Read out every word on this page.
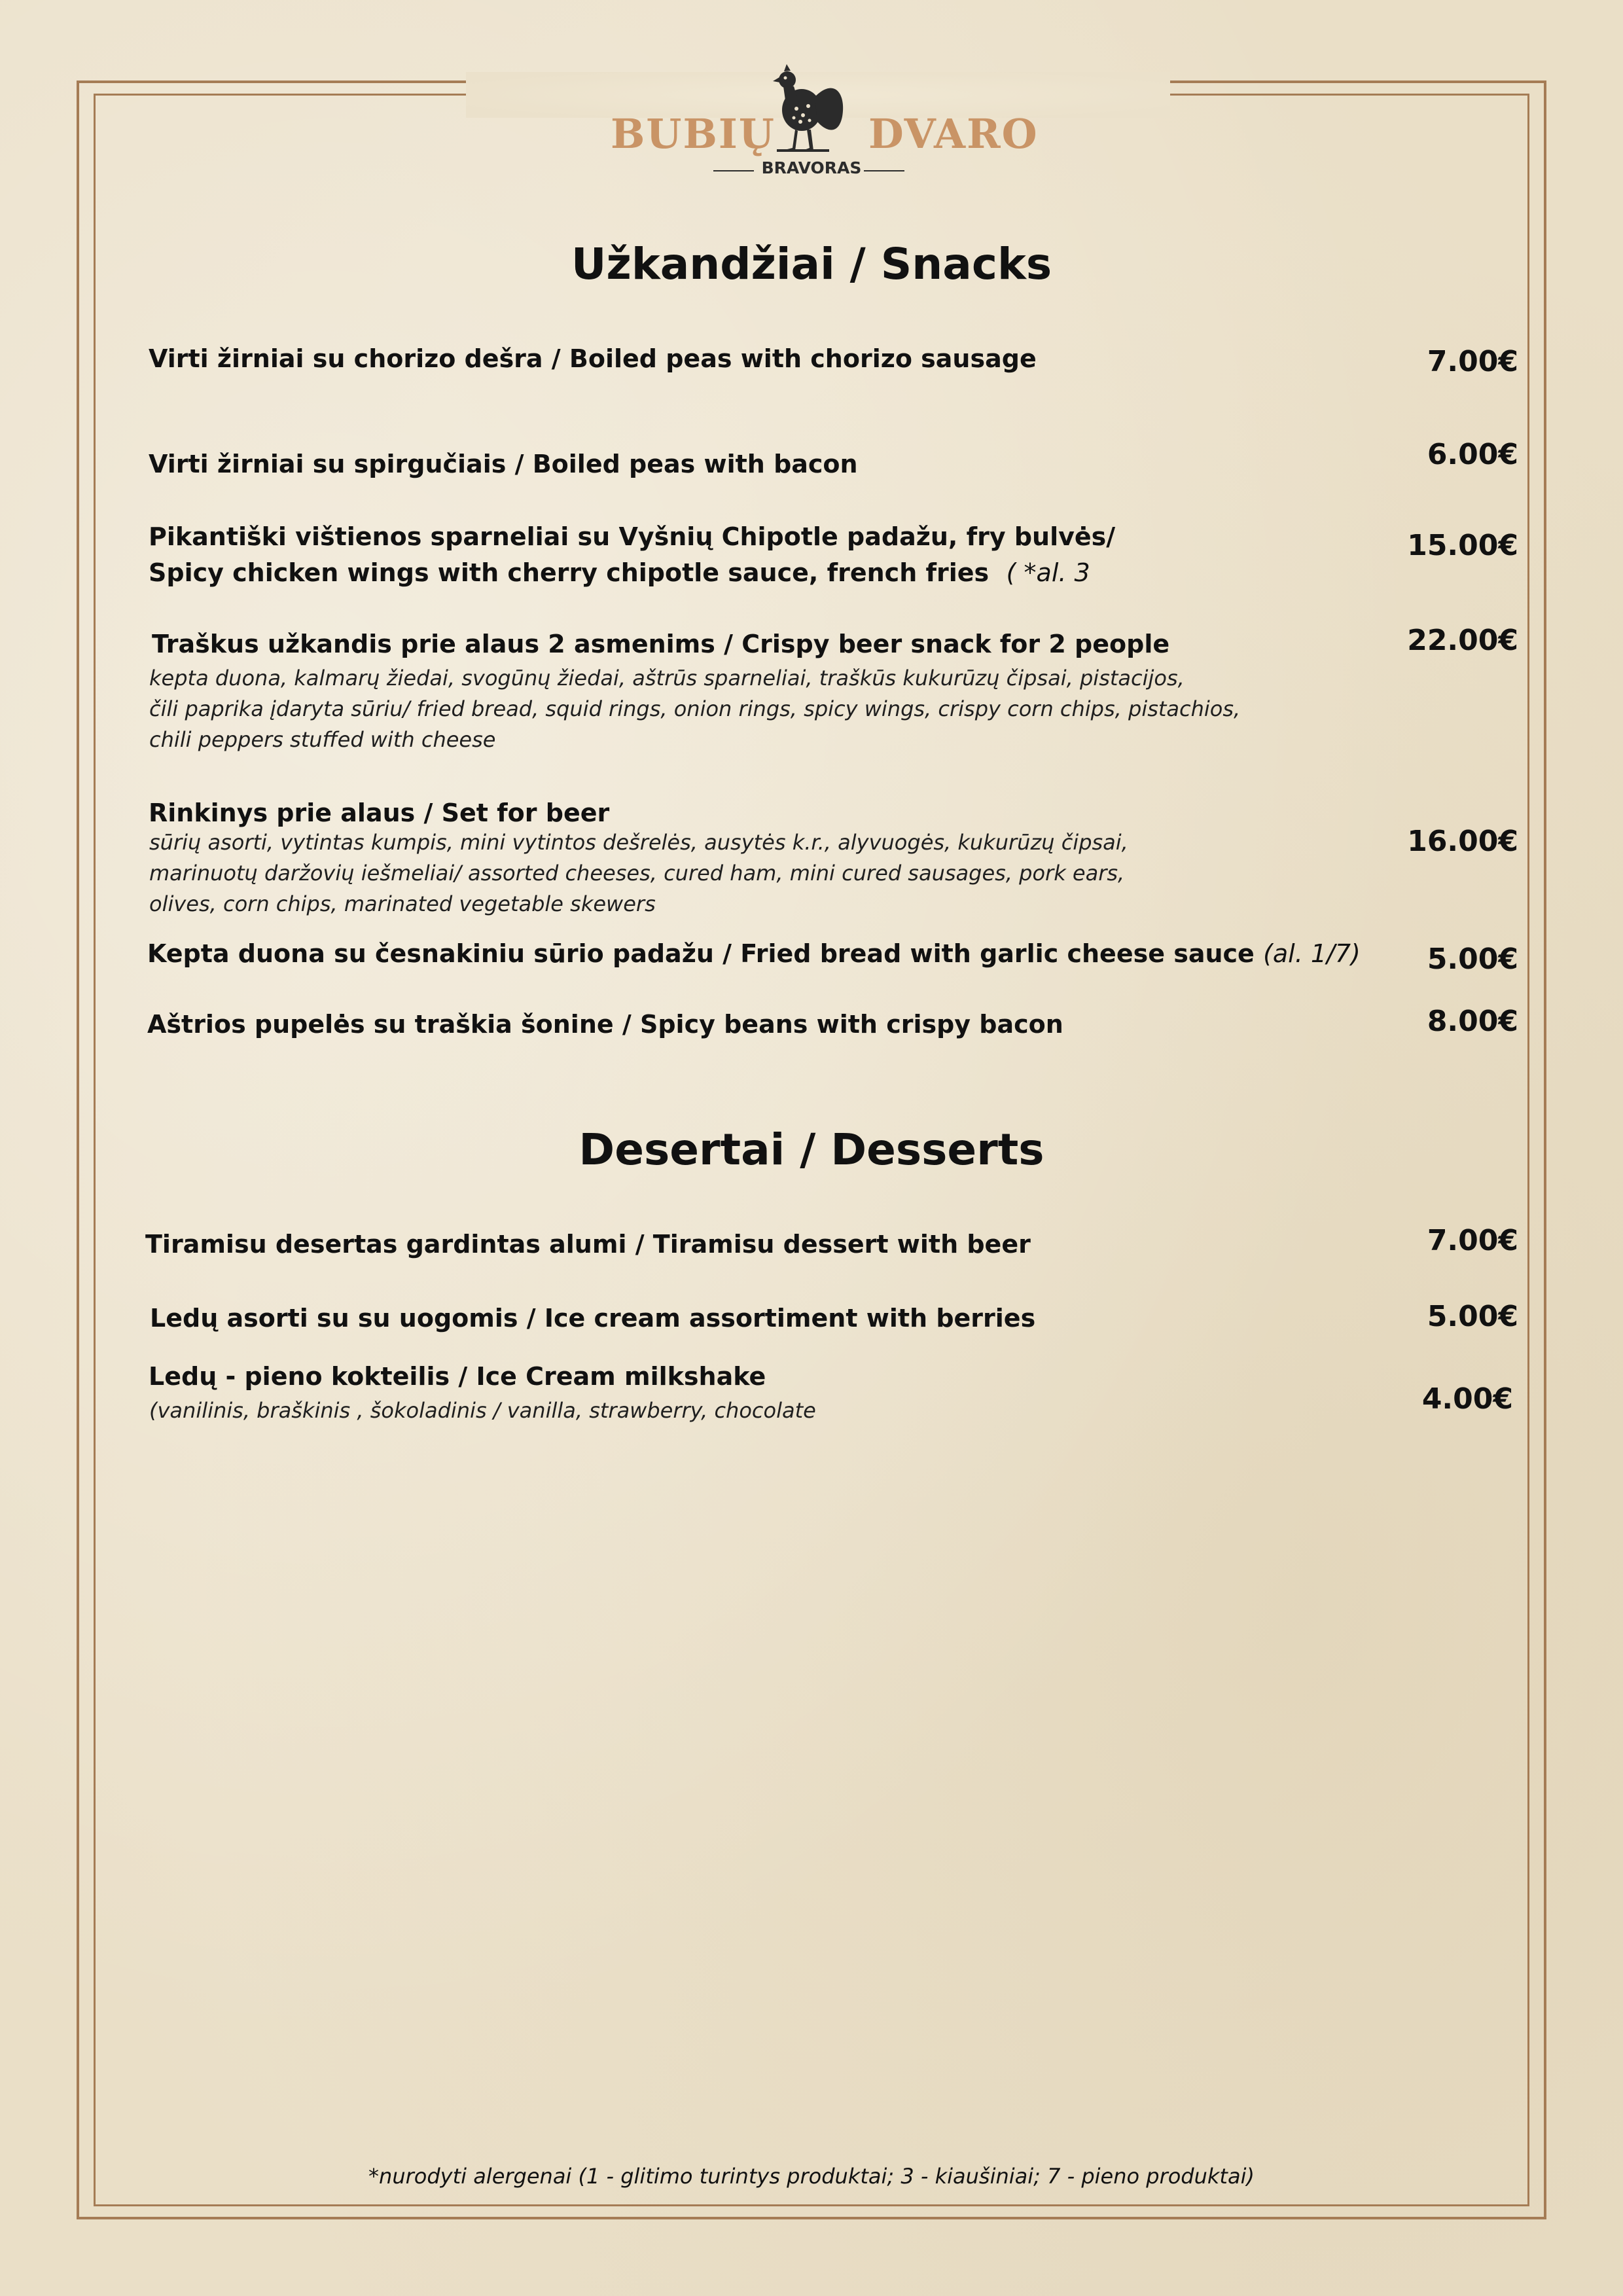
BUBIŲ DVARO
BRAVORAS
Užkandžiai / Snacks
Virti žirniai su chorizo dešra / Boiled peas with chorizo sausage	7.00€
Virti žirniai su spirgučiais / Boiled peas with bacon	6.00€
Pikantiški vištienos sparneliai su Vyšnių Chipotle padažu, fry bulvės/
Spicy chicken wings with cherry chipotle sauce, french fries ( *al. 3
15.00€
Traškus užkandis prie alaus 2 asmenims / Crispy beer snack for 2 people
kepta duona, kalmarų žiedai, svogūnų žiedai, aštrūs sparneliai, traškūs kukurūzų čipsai, pistacijos,
čili paprika įdaryta sūriu/ fried bread, squid rings, onion rings, spicy wings, crispy corn chips, pistachios,
chili peppers stuffed with cheese
22.00€
Rinkinys prie alaus / Set for beer
sūrių asorti, vytintas kumpis, mini vytintos dešrelės, ausytės k.r., alyvuogės, kukurūzų čipsai,
marinuotų daržovių iešmeliai/ assorted cheeses, cured ham, mini cured sausages, pork ears,
olives, corn chips, marinated vegetable skewers
16.00€
Kepta duona su česnakiniu sūrio padažu / Fried bread with garlic cheese sauce (al. 1/7) 5.00€
Aštrios pupelės su traškia šonine / Spicy beans with crispy bacon	8.00€
Desertai / Desserts
Tiramisu desertas gardintas alumi / Tiramisu dessert with beer	7.00€
Ledų asorti su su uogomis / Ice cream assortiment with berries	5.00€
Ledų - pieno kokteilis / Ice Cream milkshake
(vanilinis, braškinis , šokoladinis / vanilla, strawberry, chocolate	4.00€
*nurodyti alergenai (1 - glitimo turintys produktai; 3 - kiaušiniai; 7 - pieno produktai)
